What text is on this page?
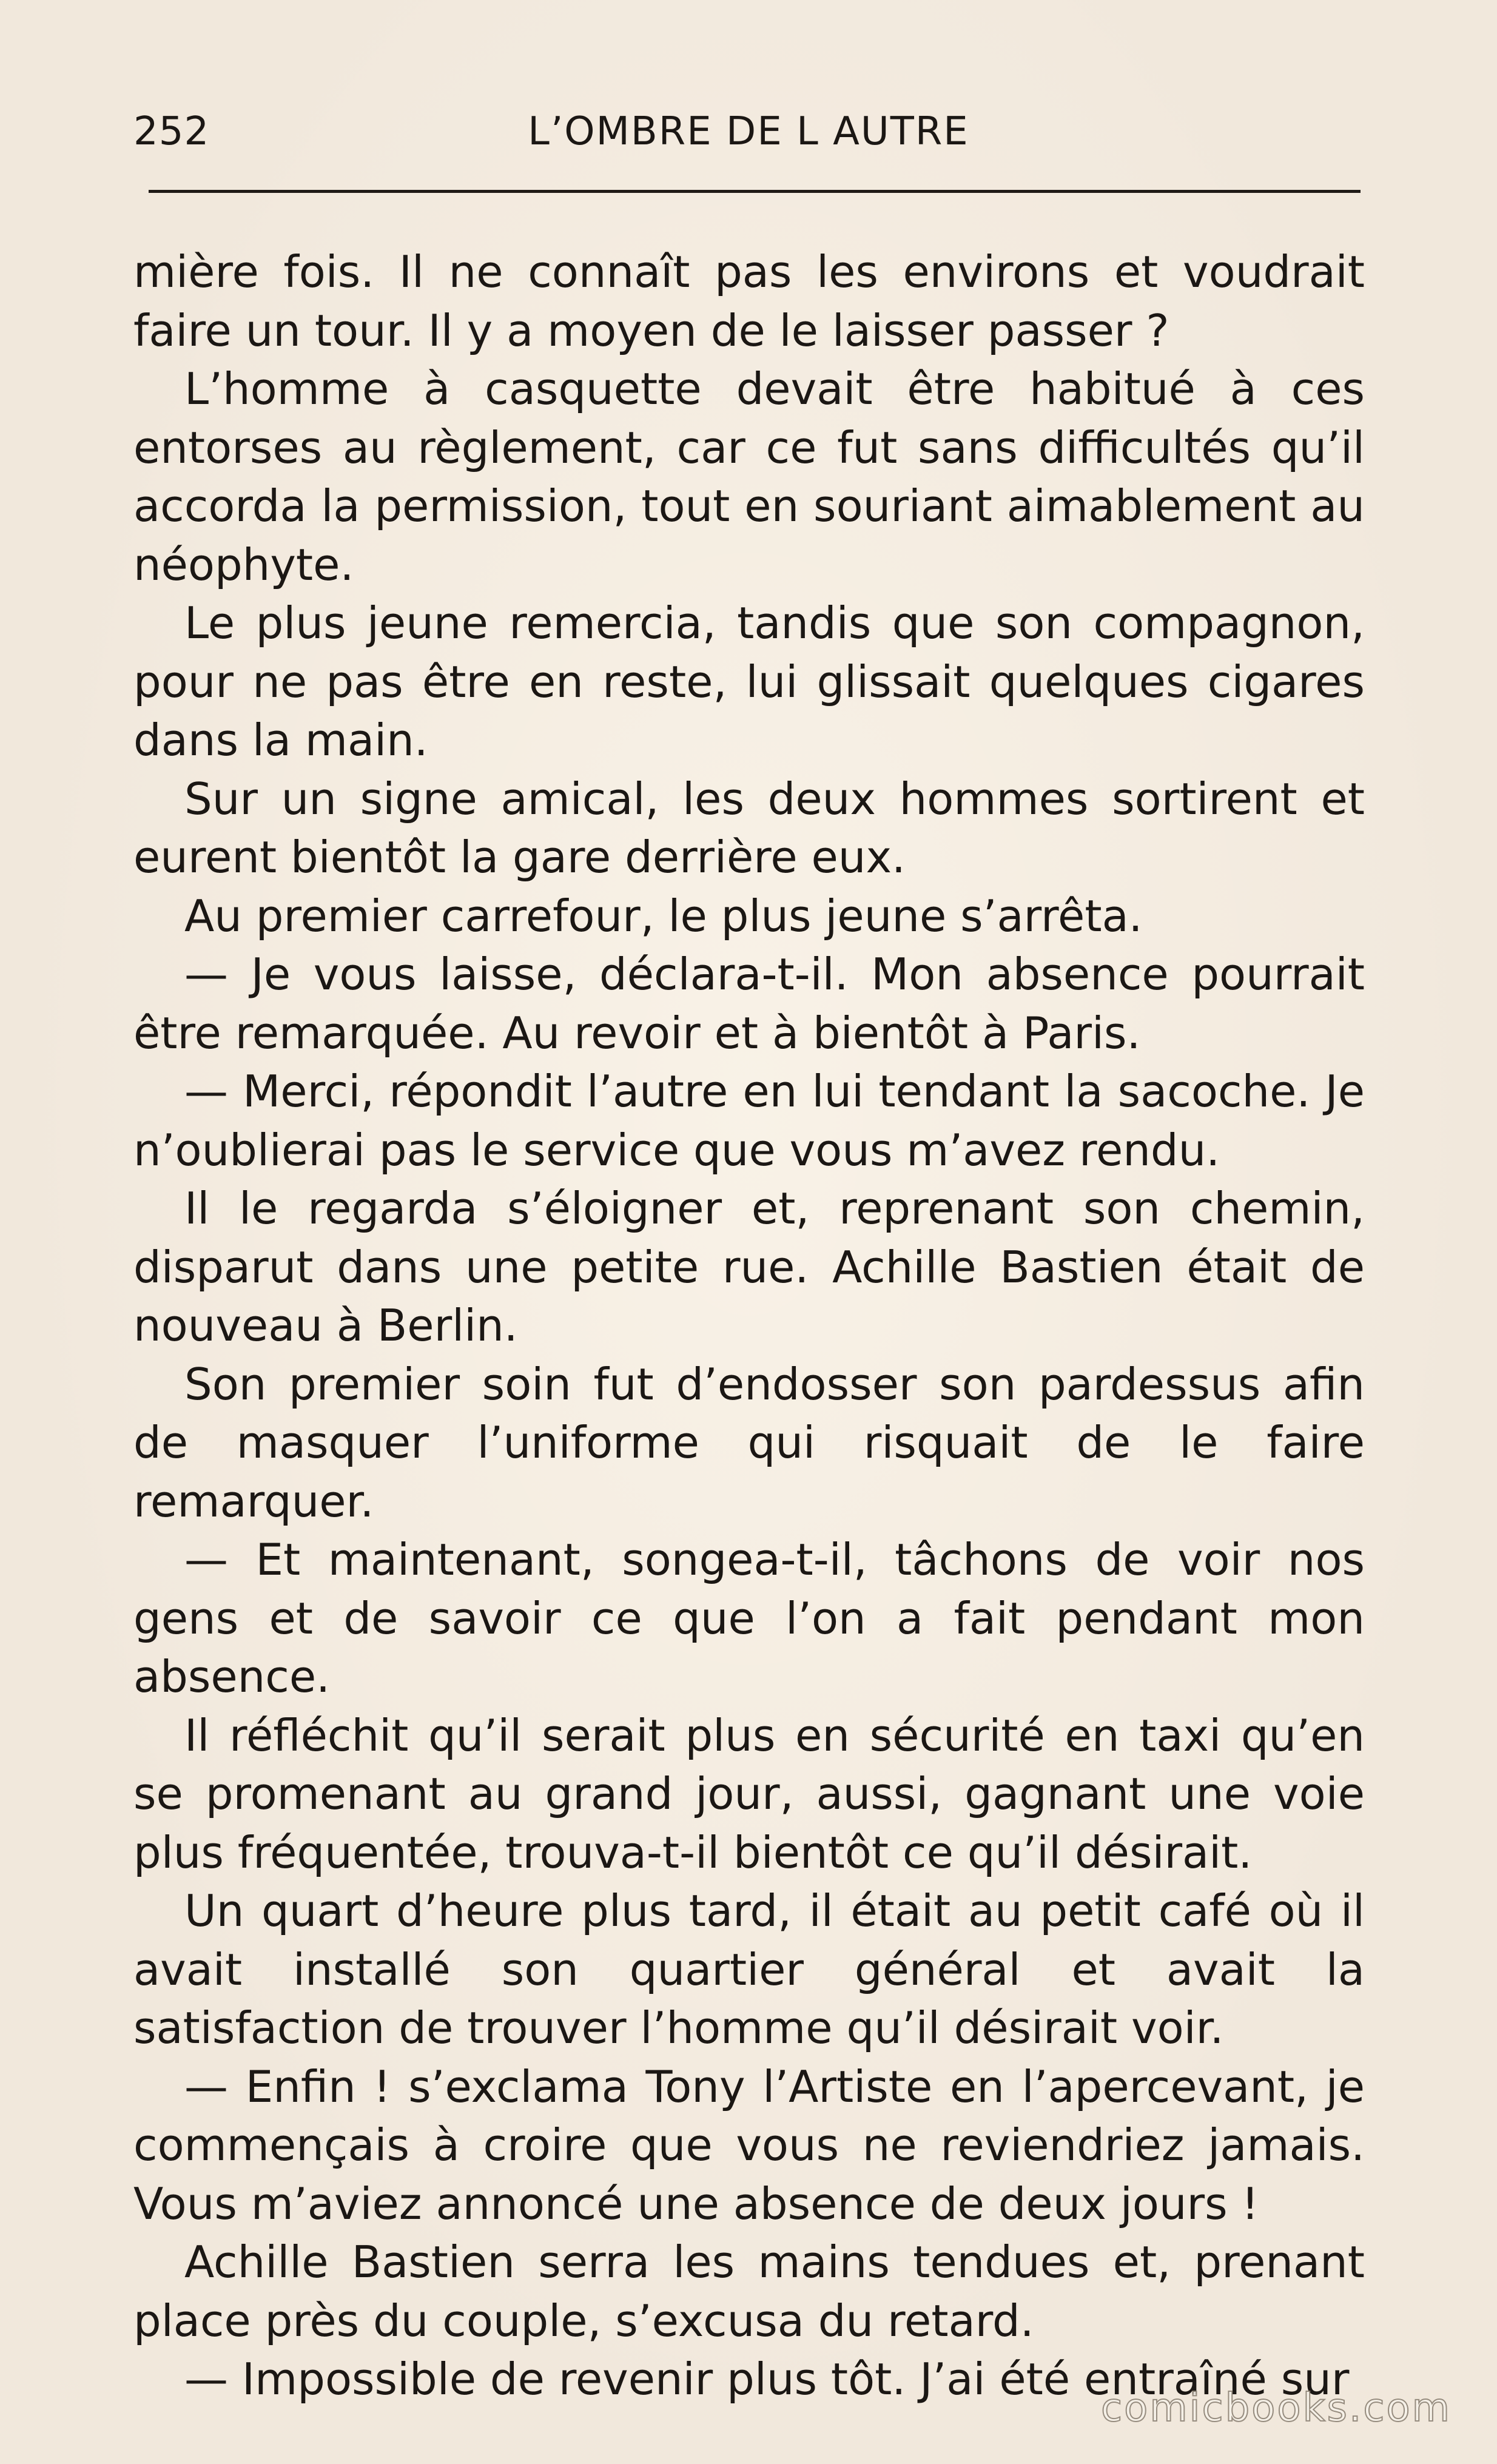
252	L’OMBRE DE L AUTRE

mière fois. Il ne connaît pas les environs et voudrait faire un tour. Il y a moyen de le laisser passer ?

L’homme à casquette devait être habitué à ces entorses au règlement, car ce fut sans difficultés qu’il accorda la permission, tout en souriant aimablement au néophyte.

Le plus jeune remercia, tandis que son compagnon, pour ne pas être en reste, lui glissait quelques cigares dans la main.

Sur un signe amical, les deux hommes sortirent et eurent bientôt la gare derrière eux.

Au premier carrefour, le plus jeune s’arrêta.

— Je vous laisse, déclara-t-il. Mon absence pourrait être remarquée. Au revoir et à bientôt à Paris.

— Merci, répondit l’autre en lui tendant la sacoche. Je n’oublierai pas le service que vous m’avez rendu.

Il le regarda s’éloigner et, reprenant son chemin, disparut dans une petite rue. Achille Bastien était de nouveau à Berlin.

Son premier soin fut d’endosser son pardessus afin de masquer l’uniforme qui risquait de le faire remarquer.

— Et maintenant, songea-t-il, tâchons de voir nos gens et de savoir ce que l’on a fait pendant mon absence.

Il réfléchit qu’il serait plus en sécurité en taxi qu’en se promenant au grand jour, aussi, gagnant une voie plus fréquentée, trouva-t-il bientôt ce qu’il désirait.

Un quart d’heure plus tard, il était au petit café où il avait installé son quartier général et avait la satisfaction de trouver l’homme qu’il désirait voir.

— Enfin ! s’exclama Tony l’Artiste en l’apercevant, je commençais à croire que vous ne reviendriez jamais. Vous m’aviez annoncé une absence de deux jours !

Achille Bastien serra les mains tendues et, prenant place près du couple, s’excusa du retard.

— Impossible de revenir plus tôt. J’ai été entraîné sur

comicbooks.com
